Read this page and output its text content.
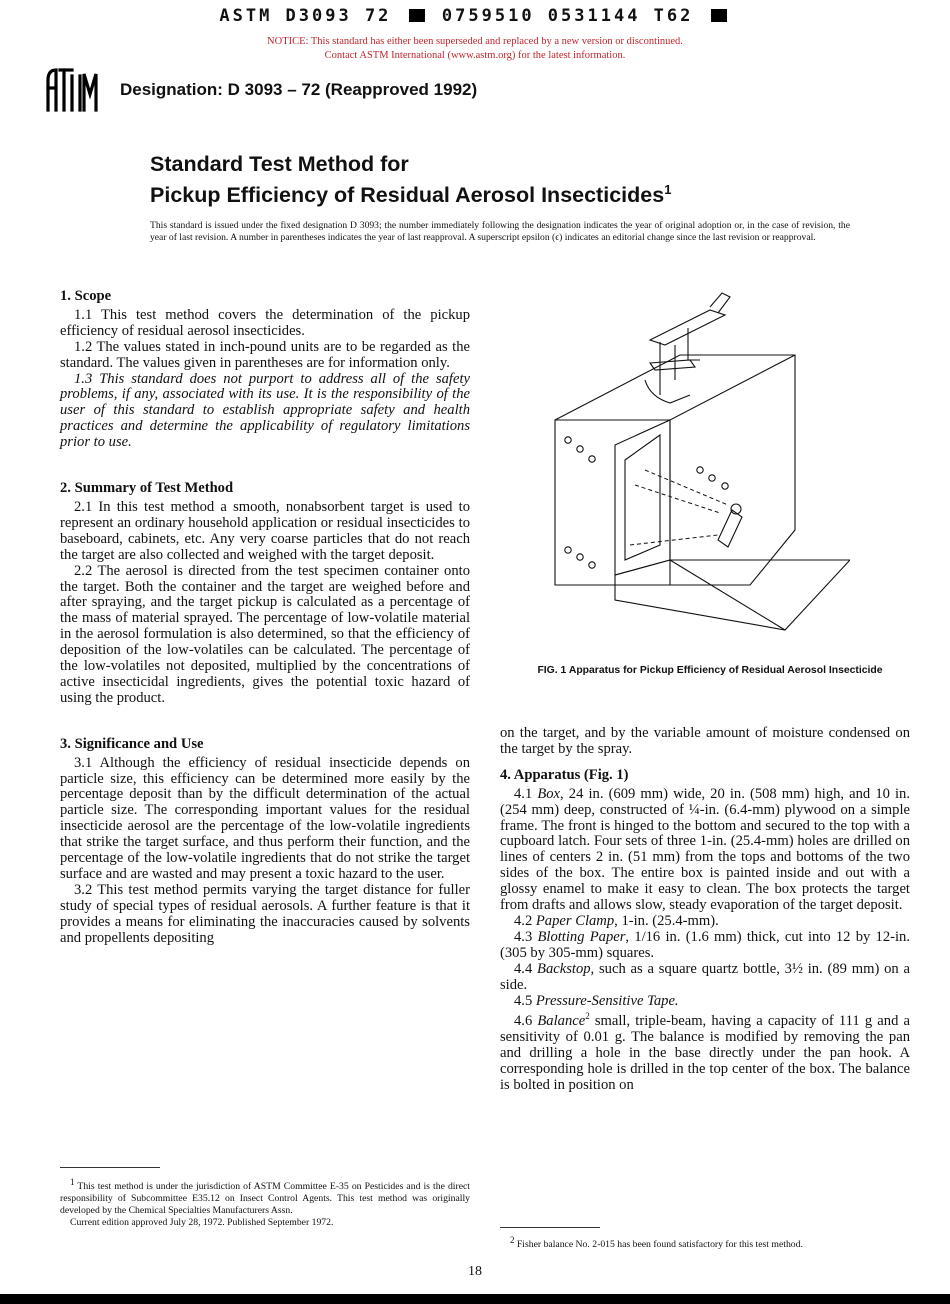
ASTM D3093 72	0759510 0531144 T62
NOTICE: This standard has either been superseded and replaced by a new version or discontinued.
Contact ASTM International (www.astm.org) for the latest information.
Designation: D 3093 – 72 (Reapproved 1992)
Standard Test Method for
Pickup Efficiency of Residual Aerosol Insecticides$^1$
This standard is issued under the fixed designation D 3093; the number immediately following the designation indicates the year of original adoption or, in the case of revision, the year of last revision. A number in parentheses indicates the year of last reapproval. A superscript epsilon (ϵ) indicates an editorial change since the last revision or reapproval.
1. Scope

1.1 This test method covers the determination of the pickup efficiency of residual aerosol insecticides.

1.2 The values stated in inch-pound units are to be regarded as the standard. The values given in parentheses are for information only.

1.3 This standard does not purport to address all of the safety problems, if any, associated with its use. It is the responsibility of the user of this standard to establish appropriate safety and health practices and determine the applicability of regulatory limitations prior to use.

2. Summary of Test Method

2.1 In this test method a smooth, nonabsorbent target is used to represent an ordinary household application or residual insecticides to baseboard, cabinets, etc. Any very coarse particles that do not reach the target are also collected and weighed with the target deposit.

2.2 The aerosol is directed from the test specimen container onto the target. Both the container and the target are weighed before and after spraying, and the target pickup is calculated as a percentage of the mass of material sprayed. The percentage of low-volatile material in the aerosol formulation is also determined, so that the efficiency of deposition of the low-volatiles can be calculated. The percentage of the low-volatiles not deposited, multiplied by the concentrations of active insecticidal ingredients, gives the potential toxic hazard of using the product.

3. Significance and Use

3.1 Although the efficiency of residual insecticide depends on particle size, this efficiency can be determined more easily by the percentage deposit than by the difficult determination of the actual particle size. The corresponding important values for the residual insecticide aerosol are the percentage of the low-volatile ingredients that strike the target surface, and thus perform their function, and the percentage of the low-volatile ingredients that do not strike the target surface and are wasted and may present a toxic hazard to the user.

3.2 This test method permits varying the target distance for fuller study of special types of residual aerosols. A further feature is that it provides a means for eliminating the inaccuracies caused by solvents and propellents depositing

FIG. 1 Apparatus for Pickup Efficiency of Residual Aerosol Insecticide

on the target, and by the variable amount of moisture condensed on the target by the spray.

4. Apparatus (Fig. 1)

4.1 Box, 24 in. (609 mm) wide, 20 in. (508 mm) high, and 10 in. (254 mm) deep, constructed of ¼-in. (6.4-mm) plywood on a simple frame. The front is hinged to the bottom and secured to the top with a cupboard latch. Four sets of three 1-in. (25.4-mm) holes are drilled on lines of centers 2 in. (51 mm) from the tops and bottoms of the two sides of the box. The entire box is painted inside and out with a glossy enamel to make it easy to clean. The box protects the target from drafts and allows slow, steady evaporation of the target deposit.

4.2 Paper Clamp, 1-in. (25.4-mm).

4.3 Blotting Paper, 1/16 in. (1.6 mm) thick, cut into 12 by 12-in. (305 by 305-mm) squares.

4.4 Backstop, such as a square quartz bottle, 3½ in. (89 mm) on a side.

4.5 Pressure-Sensitive Tape.

4.6 Balance$^2$ small, triple-beam, having a capacity of 111 g and a sensitivity of 0.01 g. The balance is modified by removing the pan and drilling a hole in the base directly under the pan hook. A corresponding hole is drilled in the top center of the box. The balance is bolted in position on

$^1$ This test method is under the jurisdiction of ASTM Committee E-35 on Pesticides and is the direct responsibility of Subcommittee E35.12 on Insect Control Agents. This test method was originally developed by the Chemical Specialties Manufacturers Assn.

Current edition approved July 28, 1972. Published September 1972.

$^2$ Fisher balance No. 2-015 has been found satisfactory for this test method.

18
